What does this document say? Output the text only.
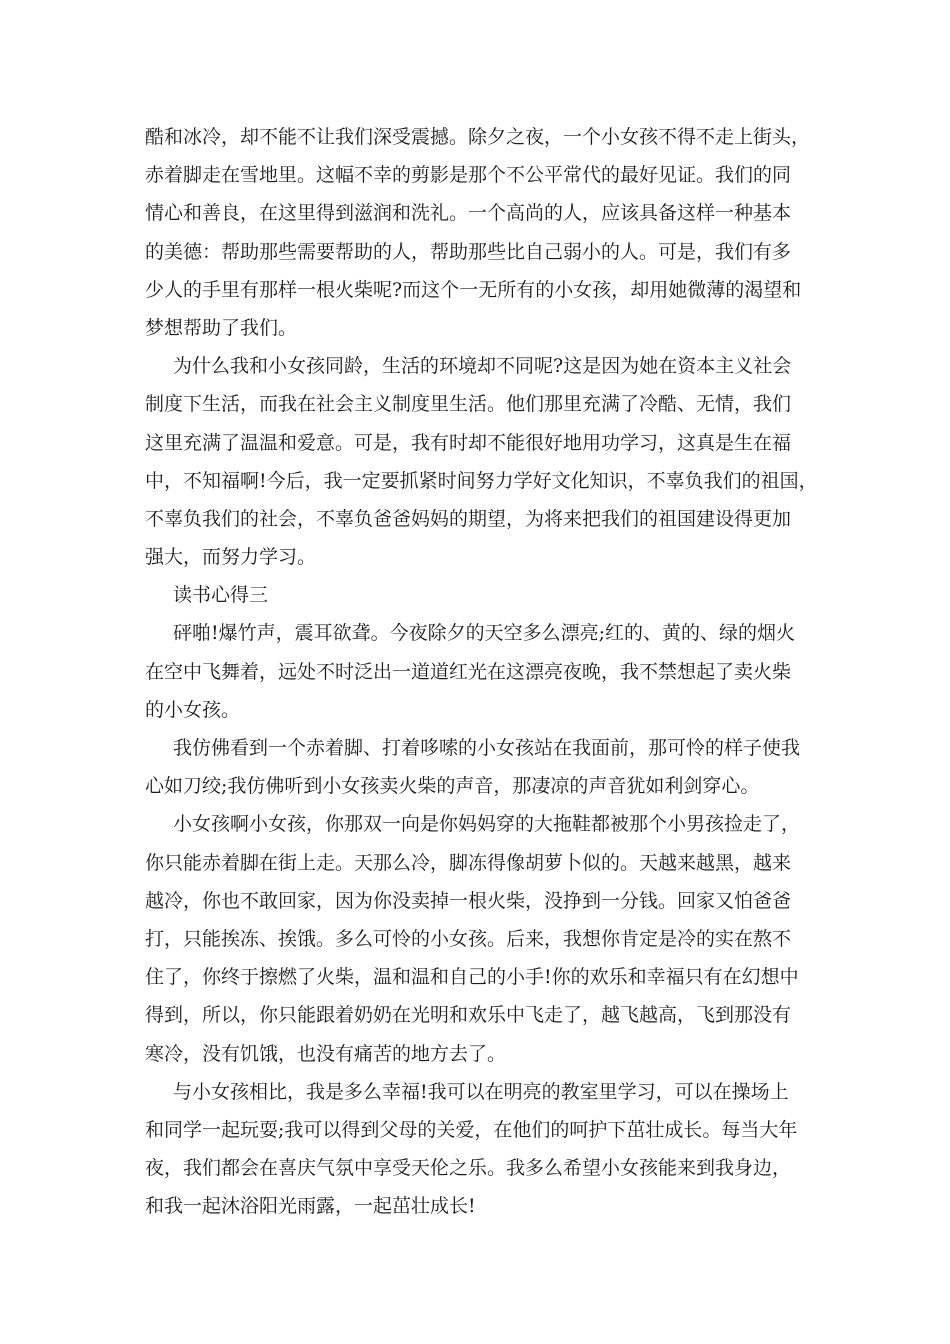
酷和冰冷，却不能不让我们深受震撼。除夕之夜，一个小女孩不得不走上街头，
赤着脚走在雪地里。这幅不幸的剪影是那个不公平常代的最好见证。我们的同
情心和善良，在这里得到滋润和洗礼。一个高尚的人，应该具备这样一种基本
的美德：帮助那些需要帮助的人，帮助那些比自己弱小的人。可是，我们有多
少人的手里有那样一根火柴呢?而这个一无所有的小女孩，却用她微薄的渴望和
梦想帮助了我们。
为什么我和小女孩同龄，生活的环境却不同呢?这是因为她在资本主义社会
制度下生活，而我在社会主义制度里生活。他们那里充满了冷酷、无情，我们
这里充满了温温和爱意。可是，我有时却不能很好地用功学习，这真是生在福
中，不知福啊!今后，我一定要抓紧时间努力学好文化知识，不辜负我们的祖国，
不辜负我们的社会，不辜负爸爸妈妈的期望，为将来把我们的祖国建设得更加
强大，而努力学习。
读书心得三
砰啪!爆竹声，震耳欲聋。今夜除夕的天空多么漂亮;红的、黄的、绿的烟火
在空中飞舞着，远处不时泛出一道道红光在这漂亮夜晚，我不禁想起了卖火柴
的小女孩。
我仿佛看到一个赤着脚、打着哆嗦的小女孩站在我面前，那可怜的样子使我
心如刀绞;我仿佛听到小女孩卖火柴的声音，那凄凉的声音犹如利剑穿心。
小女孩啊小女孩，你那双一向是你妈妈穿的大拖鞋都被那个小男孩捡走了，
你只能赤着脚在街上走。天那么冷，脚冻得像胡萝卜似的。天越来越黑，越来
越冷，你也不敢回家，因为你没卖掉一根火柴，没挣到一分钱。回家又怕爸爸
打，只能挨冻、挨饿。多么可怜的小女孩。后来，我想你肯定是冷的实在熬不
住了，你终于擦燃了火柴，温和温和自己的小手!你的欢乐和幸福只有在幻想中
得到，所以，你只能跟着奶奶在光明和欢乐中飞走了，越飞越高，飞到那没有
寒冷，没有饥饿，也没有痛苦的地方去了。
与小女孩相比，我是多么幸福!我可以在明亮的教室里学习，可以在操场上
和同学一起玩耍;我可以得到父母的关爱，在他们的呵护下茁壮成长。每当大年
夜，我们都会在喜庆气氛中享受天伦之乐。我多么希望小女孩能来到我身边，
和我一起沐浴阳光雨露，一起茁壮成长!
